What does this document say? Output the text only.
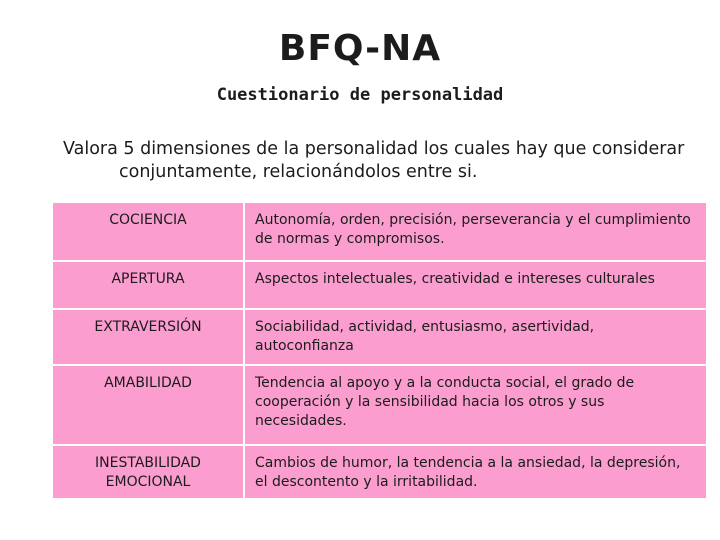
BFQ-NA
Cuestionario de personalidad
Valora 5 dimensiones de la personalidad los cuales hay que considerar conjuntamente, relacionándolos entre si.
COCIENCIA	Autonomía, orden, precisión, perseverancia y el cumplimiento de normas y compromisos.
APERTURA	Aspectos intelectuales, creatividad e intereses culturales
EXTRAVERSIÓN	Sociabilidad, actividad, entusiasmo, asertividad, autoconfianza
AMABILIDAD	Tendencia al apoyo y a la conducta social, el grado de cooperación y la sensibilidad hacia los otros y sus necesidades.
INESTABILIDAD EMOCIONAL	Cambios de humor, la tendencia a la ansiedad, la depresión, el descontento y la irritabilidad.
